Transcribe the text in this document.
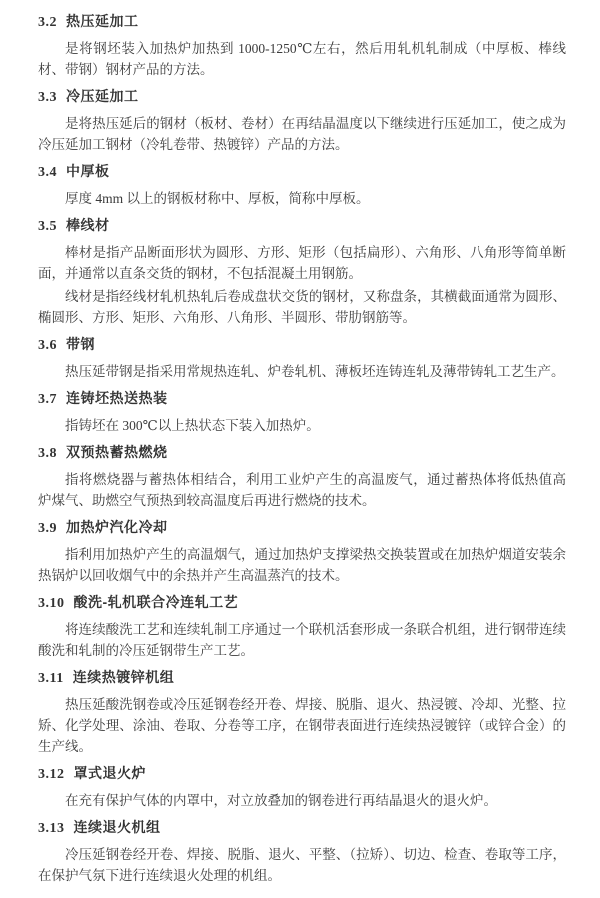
3.2 热压延加工

是将钢坯装入加热炉加热到 1000-1250℃左右，然后用轧机轧制成（中厚板、棒线材、带钢）钢材产品的方法。

3.3 冷压延加工

是将热压延后的钢材（板材、卷材）在再结晶温度以下继续进行压延加工，使之成为冷压延加工钢材（冷轧卷带、热镀锌）产品的方法。

3.4 中厚板

厚度 4mm 以上的钢板材称中、厚板，简称中厚板。

3.5 棒线材

棒材是指产品断面形状为圆形、方形、矩形（包括扁形）、六角形、八角形等简单断面，并通常以直条交货的钢材，不包括混凝土用钢筋。

线材是指经线材轧机热轧后卷成盘状交货的钢材，又称盘条，其横截面通常为圆形、椭圆形、方形、矩形、六角形、八角形、半圆形、带肋钢筋等。

3.6 带钢

热压延带钢是指采用常规热连轧、炉卷轧机、薄板坯连铸连轧及薄带铸轧工艺生产。

3.7 连铸坯热送热装

指铸坯在 300℃以上热状态下装入加热炉。

3.8 双预热蓄热燃烧

指将燃烧器与蓄热体相结合，利用工业炉产生的高温废气，通过蓄热体将低热值高 炉煤气、助燃空气预热到较高温度后再进行燃烧的技术。

3.9 加热炉汽化冷却

指利用加热炉产生的高温烟气，通过加热炉支撑梁热交换装置或在加热炉烟道安装余热锅炉以回收烟气中的余热并产生高温蒸汽的技术。

3.10 酸洗-轧机联合冷连轧工艺

将连续酸洗工艺和连续轧制工序通过一个联机活套形成一条联合机组，进行钢带连续酸洗和轧制的冷压延钢带生产工艺。

3.11 连续热镀锌机组

热压延酸洗钢卷或冷压延钢卷经开卷、焊接、脱脂、退火、热浸镀、冷却、光整、拉矫、化学处理、涂油、卷取、分卷等工序，在钢带表面进行连续热浸镀锌（或锌合金）的生产线。

3.12 罩式退火炉

在充有保护气体的内罩中，对立放叠加的钢卷进行再结晶退火的退火炉。

3.13 连续退火机组

冷压延钢卷经开卷、焊接、脱脂、退火、平整、（拉矫）、切边、检查、卷取等工序，在保护气氛下进行连续退火处理的机组。
